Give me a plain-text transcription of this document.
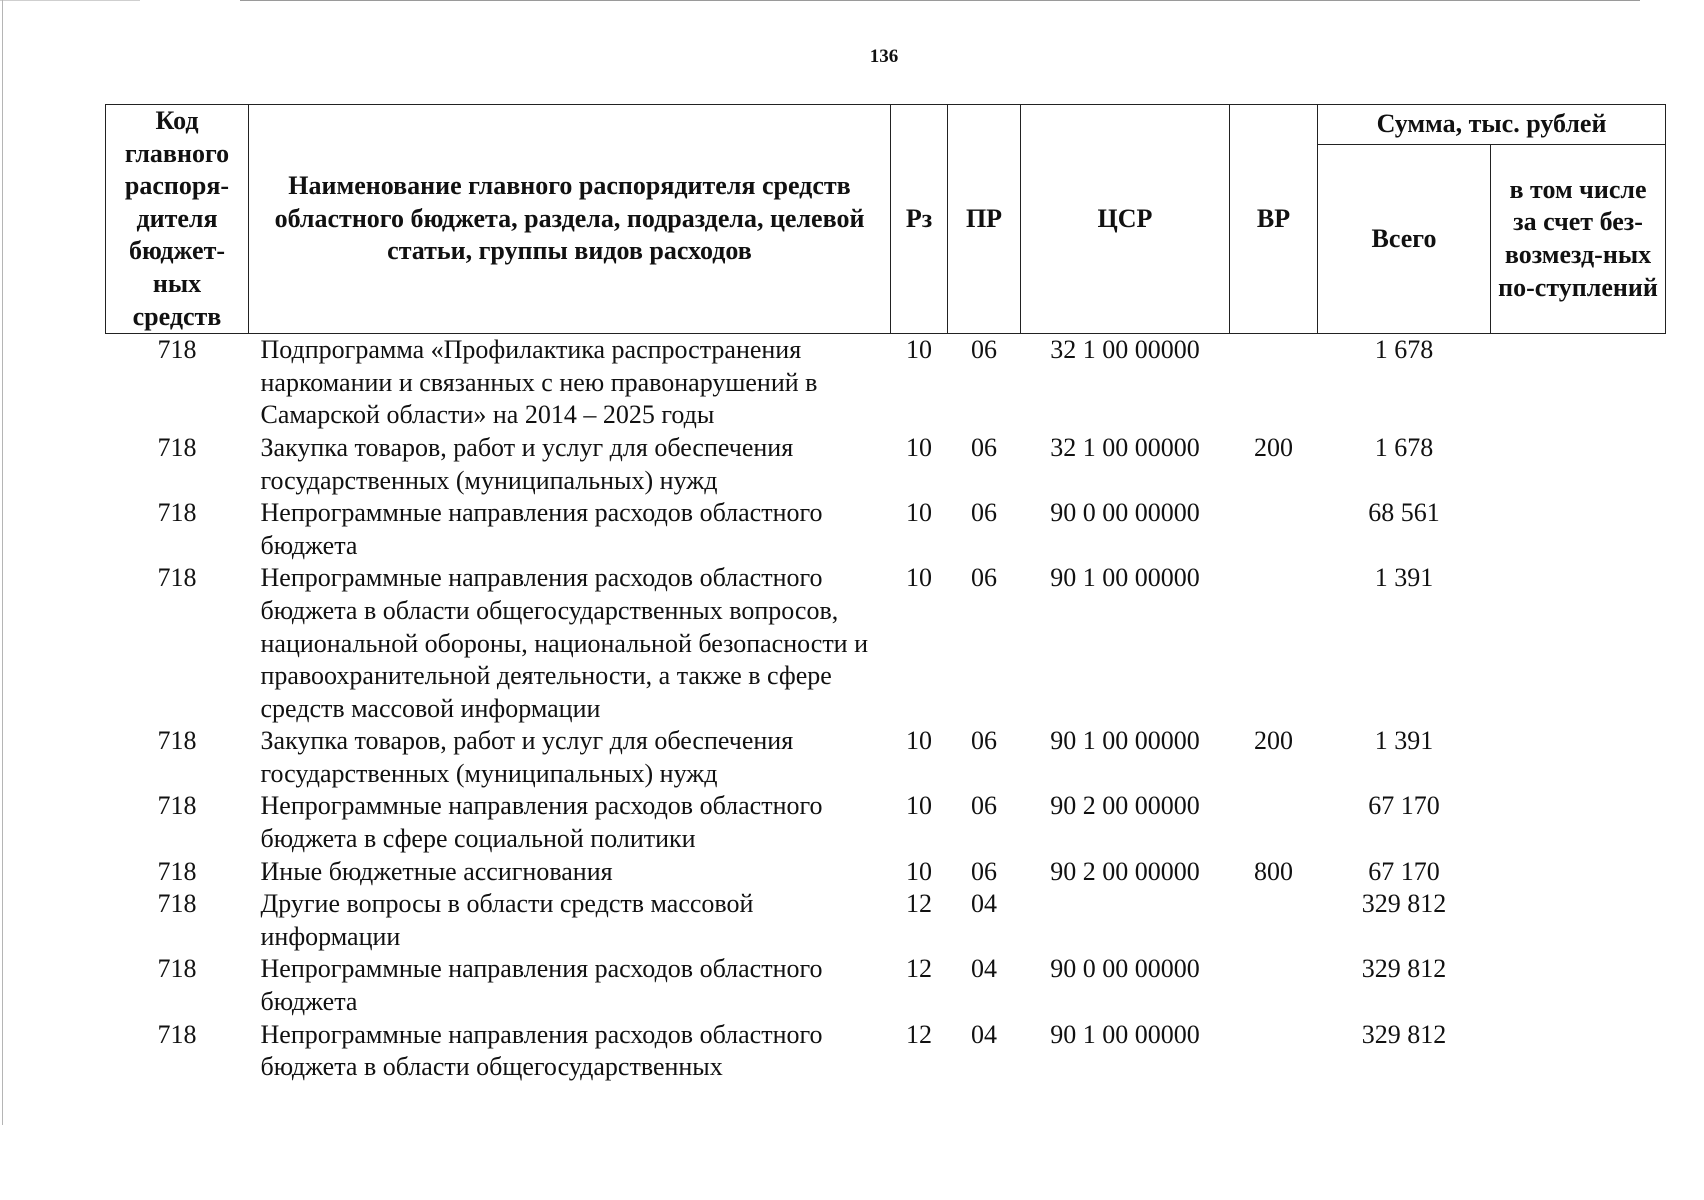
136
Код главного распоря-дителя бюджет-ных средств	Наименование главного распорядителя средств областного бюджета, раздела, подраздела, целевой статьи, группы видов расходов	Рз	ПР	ЦСР	ВР	Сумма, тыс. рублей	
						Всего	в том числе за счет без-возмезд-ных по-ступлений
718	Подпрограмма «Профилактика распространения наркомании и связанных с нею правонарушений в Самарской области» на 2014 – 2025 годы	10	06	32 1 00 00000		1 678	
718	Закупка товаров, работ и услуг для обеспечения государственных (муниципальных) нужд	10	06	32 1 00 00000	200	1 678	
718	Непрограммные направления расходов областного бюджета	10	06	90 0 00 00000		68 561	
718	Непрограммные направления расходов областного бюджета в области общегосударственных вопросов, национальной обороны, национальной безопасности и правоохранительной деятельности, а также в сфере средств массовой информации	10	06	90 1 00 00000		1 391	
718	Закупка товаров, работ и услуг для обеспечения государственных (муниципальных) нужд	10	06	90 1 00 00000	200	1 391	
718	Непрограммные направления расходов областного бюджета в сфере социальной политики	10	06	90 2 00 00000		67 170	
718	Иные бюджетные ассигнования	10	06	90 2 00 00000	800	67 170	
718	Другие вопросы в области средств массовой информации	12	04			329 812	
718	Непрограммные направления расходов областного бюджета	12	04	90 0 00 00000		329 812	
718	Непрограммные направления расходов областного бюджета в области общегосударственных	12	04	90 1 00 00000		329 812	
